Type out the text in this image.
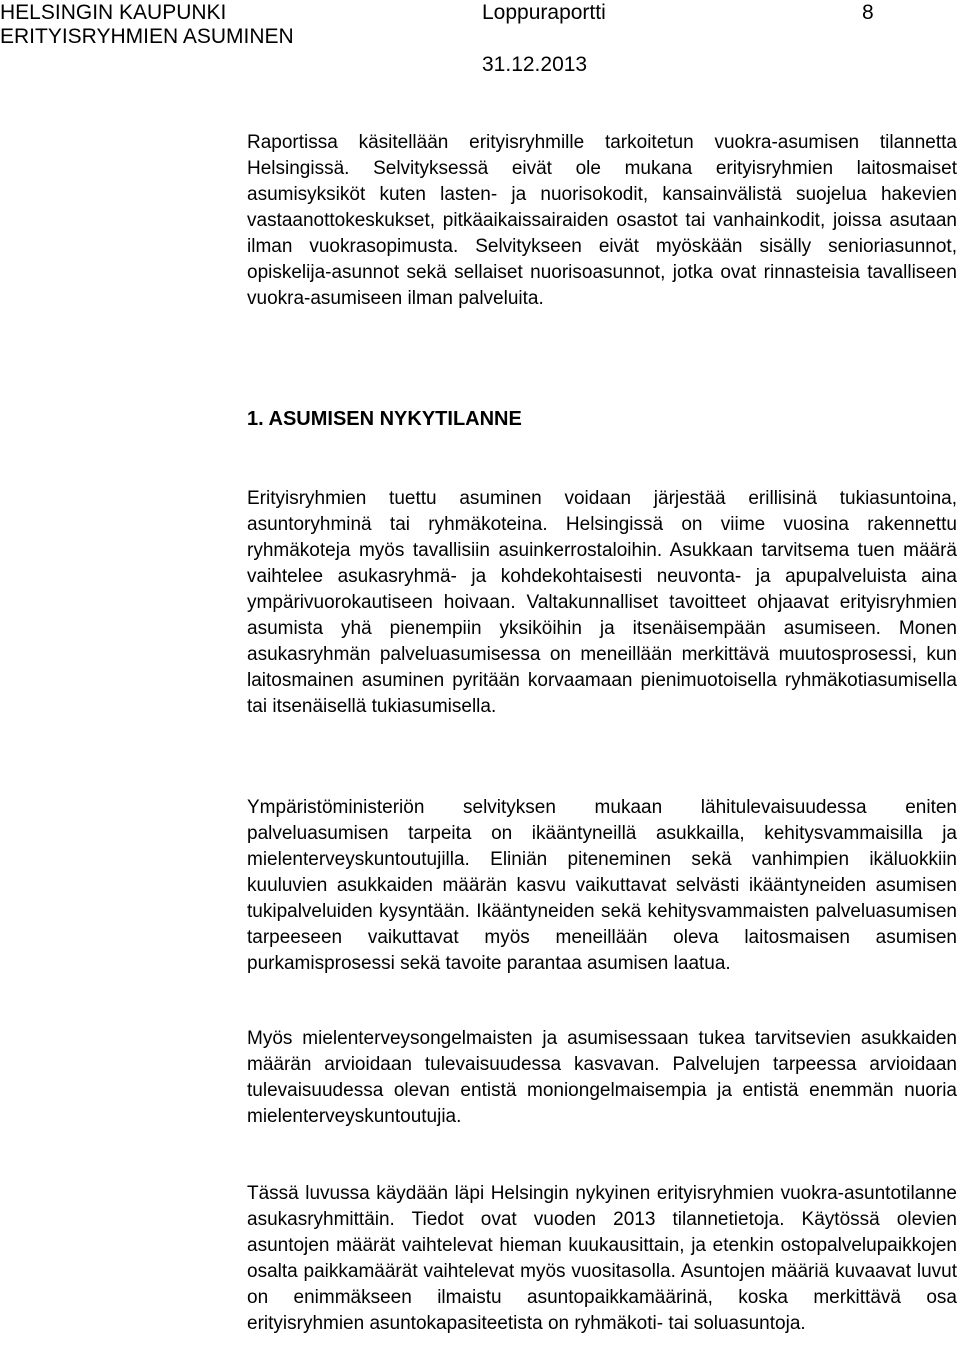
HELSINGIN KAUPUNKI
ERITYISRYHMIEN ASUMINEN
Loppuraportti	8
31.12.2013

Raportissa käsitellään erityisryhmille tarkoitetun vuokra-asumisen tilannetta Helsingissä. Selvityksessä eivät ole mukana erityisryhmien laitosmaiset asumisyksiköt kuten lasten- ja nuorisokodit, kansainvälistä suojelua hakevien vastaanottokeskukset, pitkäaikaissairaiden osastot tai vanhainkodit, joissa asutaan ilman vuokrasopimusta. Selvitykseen eivät myöskään sisälly senioriasunnot, opiskelija-asunnot sekä sellaiset nuorisoasunnot, jotka ovat rinnasteisia tavalliseen vuokra-asumiseen ilman palveluita.

1. ASUMISEN NYKYTILANNE

Erityisryhmien tuettu asuminen voidaan järjestää erillisinä tukiasuntoina, asuntoryhminä tai ryhmäkoteina. Helsingissä on viime vuosina rakennettu ryhmäkoteja myös tavallisiin asuinkerrostaloihin. Asukkaan tarvitsema tuen määrä vaihtelee asukasryhmä- ja kohdekohtaisesti neuvonta- ja apupalveluista aina ympärivuorokautiseen hoivaan. Valtakunnalliset tavoitteet ohjaavat erityisryhmien asumista yhä pienempiin yksiköihin ja itsenäisempään asumiseen. Monen asukasryhmän palveluasumisessa on meneillään merkittävä muutosprosessi, kun laitosmainen asuminen pyritään korvaamaan pienimuotoisella ryhmäkotiasumisella tai itsenäisellä tukiasumisella.

Ympäristöministeriön selvityksen mukaan lähitulevaisuudessa eniten palveluasumisen tarpeita on ikääntyneillä asukkailla, kehitysvammaisilla ja mielenterveyskuntoutujilla. Eliniän piteneminen sekä vanhimpien ikäluokkiin kuuluvien asukkaiden määrän kasvu vaikuttavat selvästi ikääntyneiden asumisen tukipalveluiden kysyntään. Ikääntyneiden sekä kehitysvammaisten palveluasumisen tarpeeseen vaikuttavat myös meneillään oleva laitosmaisen asumisen purkamisprosessi sekä tavoite parantaa asumisen laatua.

Myös mielenterveysongelmaisten ja asumisessaan tukea tarvitsevien asukkaiden määrän arvioidaan tulevaisuudessa kasvavan. Palvelujen tarpeessa arvioidaan tulevaisuudessa olevan entistä moniongelmaisempia ja entistä enemmän nuoria mielenterveyskuntoutujia.

Tässä luvussa käydään läpi Helsingin nykyinen erityisryhmien vuokra-asuntotilanne asukasryhmittäin. Tiedot ovat vuoden 2013 tilannetietoja. Käytössä olevien asuntojen määrät vaihtelevat hieman kuukausittain, ja etenkin ostopalvelupaikkojen osalta paikkamäärät vaihtelevat myös vuositasolla. Asuntojen määriä kuvaavat luvut on enimmäkseen ilmaistu asuntopaikkamäärinä, koska merkittävä osa erityisryhmien asuntokapasiteetista on ryhmäkoti- tai soluasuntoja.
